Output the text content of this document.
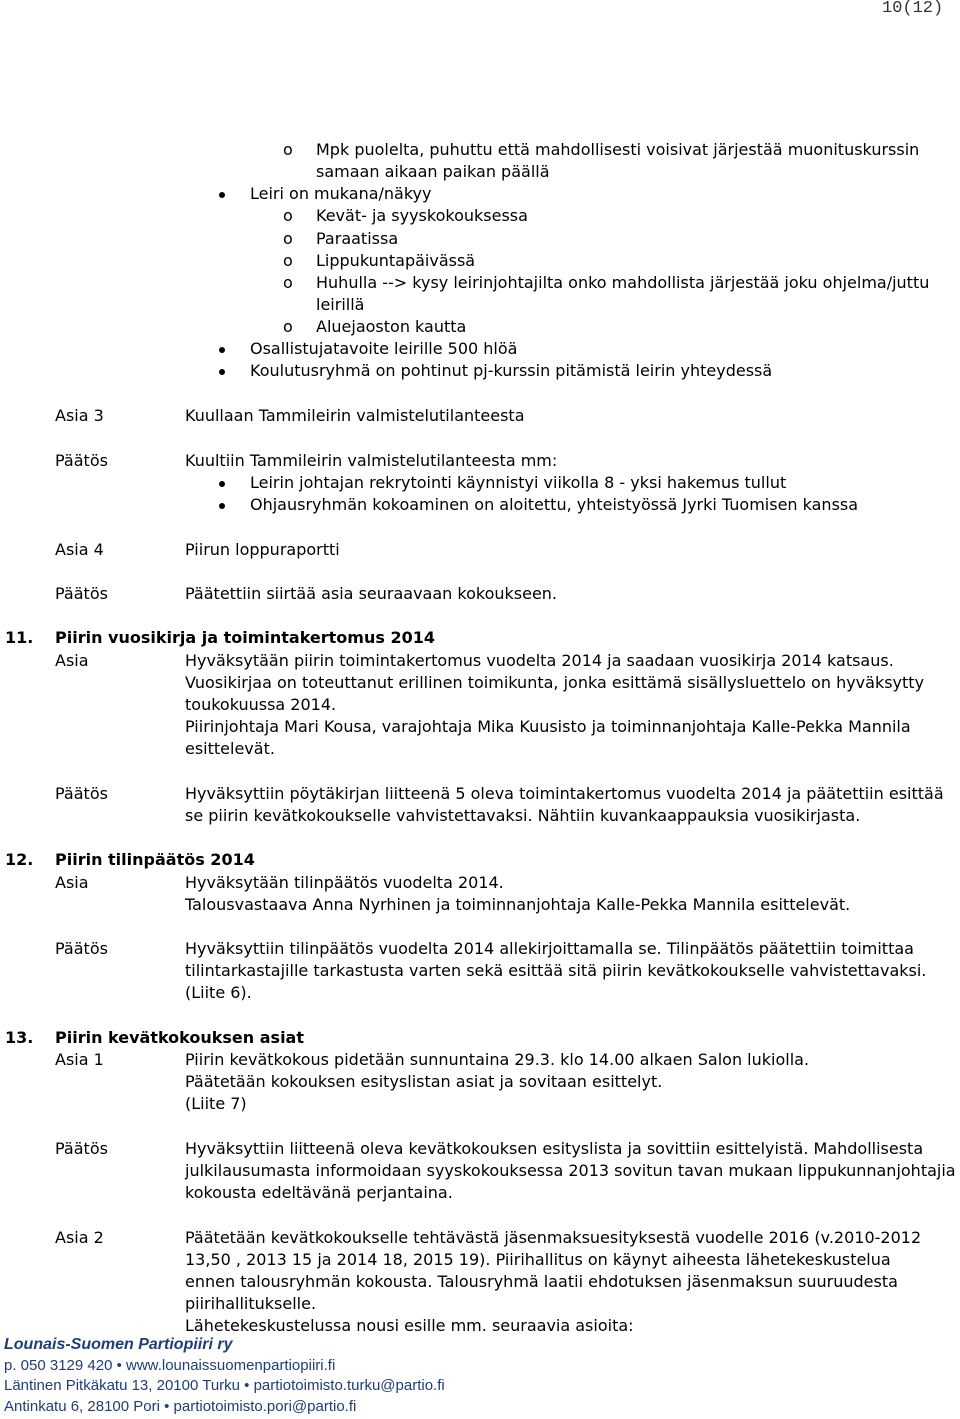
10(12)
o Mpk puolelta, puhuttu että mahdollisesti voisivat järjestää muonituskurssin
samaan aikaan paikan päällä
Leiri on mukana/näkyy
o Kevät- ja syyskokouksessa
o Paraatissa
o Lippukuntapäivässä
o Huhulla --> kysy leirinjohtajilta onko mahdollista järjestää joku ohjelma/juttu
leirillä
o Aluejaoston kautta
Osallistujatavoite leirille 500 hlöä
Koulutusryhmä on pohtinut pj-kurssin pitämistä leirin yhteydessä
Asia 3	Kuullaan Tammileirin valmistelutilanteesta
Päätös	Kuultiin Tammileirin valmistelutilanteesta mm:
Leirin johtajan rekrytointi käynnistyi viikolla 8 - yksi hakemus tullut
Ohjausryhmän kokoaminen on aloitettu, yhteistyössä Jyrki Tuomisen kanssa
Asia 4	Piirun loppuraportti
Päätös	Päätettiin siirtää asia seuraavaan kokoukseen.
11. Piirin vuosikirja ja toimintakertomus 2014
Asia	Hyväksytään piirin toimintakertomus vuodelta 2014 ja saadaan vuosikirja 2014 katsaus.
Vuosikirjaa on toteuttanut erillinen toimikunta, jonka esittämä sisällysluettelo on hyväksytty
toukokuussa 2014.
Piirinjohtaja Mari Kousa, varajohtaja Mika Kuusisto ja toiminnanjohtaja Kalle-Pekka Mannila
esittelevät.
Päätös	Hyväksyttiin pöytäkirjan liitteenä 5 oleva toimintakertomus vuodelta 2014 ja päätettiin esittää
se piirin kevätkokoukselle vahvistettavaksi. Nähtiin kuvankaappauksia vuosikirjasta.
12. Piirin tilinpäätös 2014
Asia	Hyväksytään tilinpäätös vuodelta 2014.
Talousvastaava Anna Nyrhinen ja toiminnanjohtaja Kalle-Pekka Mannila esittelevät.
Päätös	Hyväksyttiin tilinpäätös vuodelta 2014 allekirjoittamalla se. Tilinpäätös päätettiin toimittaa
tilintarkastajille tarkastusta varten sekä esittää sitä piirin kevätkokoukselle vahvistettavaksi.
(Liite 6).
13. Piirin kevätkokouksen asiat
Asia 1	Piirin kevätkokous pidetään sunnuntaina 29.3. klo 14.00 alkaen Salon lukiolla.
Päätetään kokouksen esityslistan asiat ja sovitaan esittelyt.
(Liite 7)
Päätös	Hyväksyttiin liitteenä oleva kevätkokouksen esityslista ja sovittiin esittelyistä. Mahdollisesta
julkilausumasta informoidaan syyskokouksessa 2013 sovitun tavan mukaan lippukunnanjohtajia
kokousta edeltävänä perjantaina.
Asia 2	Päätetään kevätkokoukselle tehtävästä jäsenmaksuesityksestä vuodelle 2016 (v.2010-2012
13,50 , 2013 15 ja 2014 18, 2015 19). Piirihallitus on käynyt aiheesta lähetekeskustelua
ennen talousryhmän kokousta. Talousryhmä laatii ehdotuksen jäsenmaksun suuruudesta
piirihallitukselle.
Lähetekeskustelussa nousi esille mm. seuraavia asioita:
Lounais-Suomen Partiopiiri ry
p. 050 3129 420 • www.lounaissuomenpartiopiiri.fi
Läntinen Pitkäkatu 13, 20100 Turku • partiotoimisto.turku@partio.fi
Antinkatu 6, 28100 Pori • partiotoimisto.pori@partio.fi
